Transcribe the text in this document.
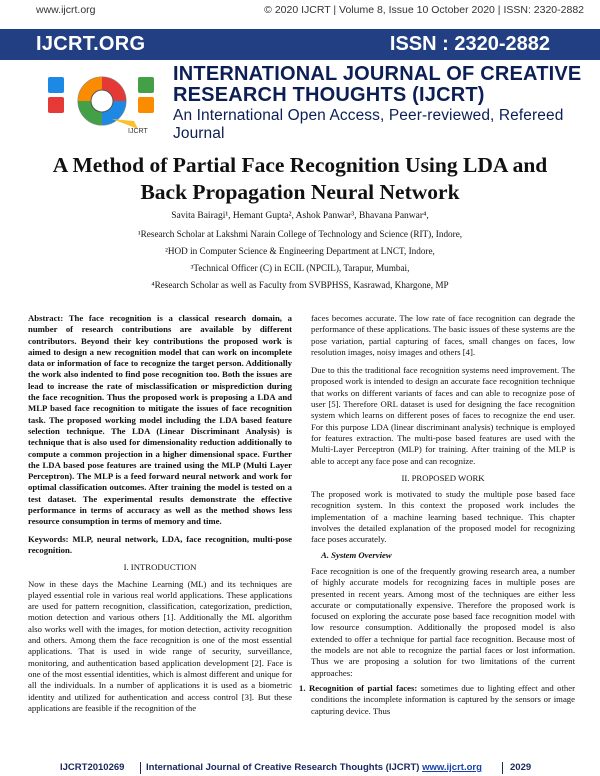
www.ijcrt.org	© 2020 IJCRT | Volume 8, Issue 10 October 2020 | ISSN: 2320-2882
IJCRT.ORG	ISSN : 2320-2882
IJCRT
INTERNATIONAL JOURNAL OF CREATIVE
RESEARCH THOUGHTS (IJCRT)
An International Open Access, Peer-reviewed, Refereed Journal
A Method of Partial Face Recognition Using LDA and
Back Propagation Neural Network
Savita Bairagi¹, Hemant Gupta², Ashok Panwar³, Bhavana Panwar⁴,
¹Research Scholar at Lakshmi Narain College of Technology and Science (RIT), Indore,
²HOD in Computer Science & Engineering Department at LNCT, Indore,
³Technical Officer (C) in ECIL (NPCIL), Tarapur, Mumbai,
⁴Research Scholar as well as Faculty from SVBPHSS, Kasrawad, Khargone, MP

Abstract: The face recognition is a classical research domain, a number of research contributions are available by different contributors. Beyond their key contributions the proposed work is aimed to design a new recognition model that can work on incomplete data or information of face to recognize the target person. Additionally the work also indented to find pose recognition too. Both the issues are lead to increase the rate of misclassification or misprediction during the face recognition. Thus the proposed work is proposing a LDA and MLP based face recognition to mitigate the issues of face recognition task. The proposed working model including the LDA based feature selection technique. The LDA (Linear Discriminant Analysis) is technique that is also used for dimensionality reduction additionally to compute a common projection in a higher dimensional space. Further the LDA based pose features are trained using the MLP (Multi Layer Perceptron). The MLP is a feed forward neural network and work for optimal classification outcomes. After training the model is tested on a test dataset. The experimental results demonstrate the effective performance in terms of accuracy as well as the method shows less resource consumption in terms of memory and time.

Keywords: MLP, neural network, LDA, face recognition, multi-pose recognition.

I. INTRODUCTION

Now in these days the Machine Learning (ML) and its techniques are played essential role in various real world applications. These applications are used for pattern recognition, classification, categorization, prediction, motion detection and various others [1]. Additionally the ML algorithm also works well with the images, for motion detection, activity recognition and others. Among them the face recognition is one of the most essential applications. That is used in wide range of security, surveillance, monitoring, and authentication based application development [2]. Face is one of the most essential identities, which is almost different and unique for all the individuals. In a number of applications it is used as a biometric identity and utilized for authentication and access control [3]. But these applications are feasible if the recognition of the

faces becomes accurate. The low rate of face recognition can degrade the performance of these applications. The basic issues of these systems are the pose variation, partial capturing of faces, small changes on faces, low resolution images, noisy images and others [4].

Due to this the traditional face recognition systems need improvement. The proposed work is intended to design an accurate face recognition technique that works on different variants of faces and can able to recognize pose of user [5]. Therefore ORL dataset is used for designing the face recognition system which learns on different poses of faces to recognize the end user. For this purpose LDA (linear discriminant analysis) technique is employed for features extraction. The multi-pose based features are used with the Multi-Layer Perceptron (MLP) for training. After training of the MLP is able to accept any face pose and can recognize.

II. PROPOSED WORK

The proposed work is motivated to study the multiple pose based face recognition system. In this context the proposed work includes the implementation of a machine learning based technique. This chapter involves the detailed explanation of the proposed model for recognizing face poses accurately.

A. System Overview

Face recognition is one of the frequently growing research area, a number of highly accurate models for recognizing faces in multiple poses are presented in recent years. Among most of the techniques are either less accurate or computationally expensive. Therefore the proposed work is focused on exploring the accurate pose based face recognition model with low resource consumption. Additionally the proposed model is also extended to offer a technique for partial face recognition. Because most of the models are not able to recognize the partial faces or lost information. Thus we are proposing a solution for two limitations of the current approaches:

1. Recognition of partial faces: sometimes due to lighting effect and other conditions the incomplete information is captured by the sensors or image capturing device. Thus

IJCRT2010269 International Journal of Creative Research Thoughts (IJCRT) www.ijcrt.org	2029
